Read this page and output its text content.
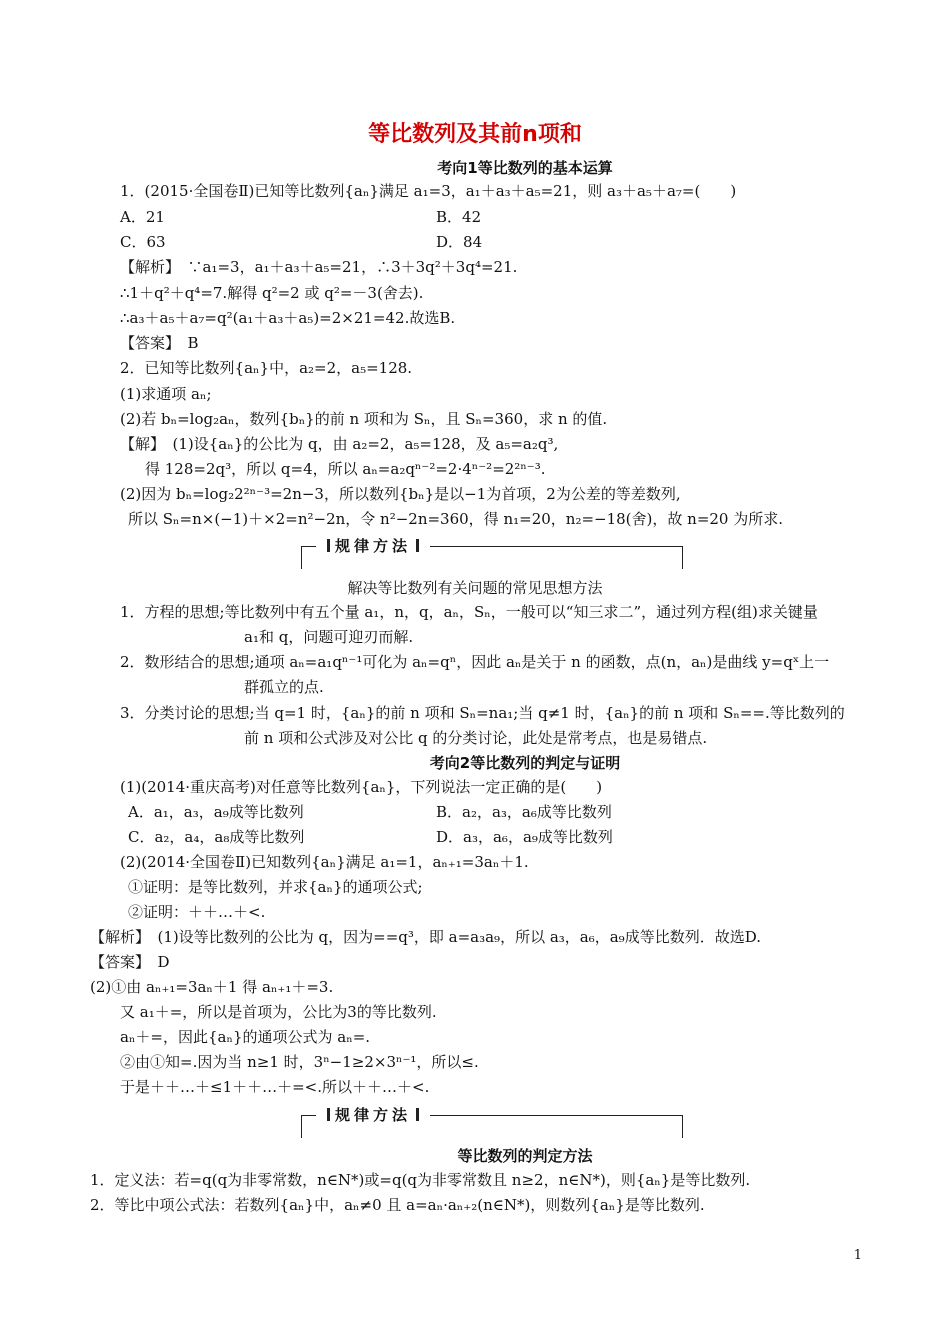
等比数列及其前n项和
考向1等比数列的基本运算
1．(2015·全国卷Ⅱ)已知等比数列{aₙ}满足 a₁=3，a₁＋a₃＋a₅=21，则 a₃＋a₅＋a₇=(　　)
A．21	B．42
C．63	D．84
【解析】　∵a₁=3，a₁＋a₃＋a₅=21，∴3＋3q²＋3q⁴=21.
∴1＋q²＋q⁴=7.解得 q²=2 或 q²=－3(舍去).
∴a₃＋a₅＋a₇=q²(a₁＋a₃＋a₅)=2×21=42.故选B.
【答案】　B
2．已知等比数列{aₙ}中，a₂=2，a₅=128.
(1)求通项 aₙ;
(2)若 bₙ=log₂aₙ，数列{bₙ}的前 n 项和为 Sₙ，且 Sₙ=360，求 n 的值.
【解】　(1)设{aₙ}的公比为 q，由 a₂=2，a₅=128，及 a₅=a₂q³,
得 128=2q³，所以 q=4，所以 aₙ=a₂qⁿ⁻²=2·4ⁿ⁻²=2²ⁿ⁻³.
(2)因为 bₙ=log₂2²ⁿ⁻³=2n−3，所以数列{bₙ}是以−1为首项，2为公差的等差数列,
所以 Sₙ=n×(−1)＋×2=n²−2n，令 n²−2n=360，得 n₁=20，n₂=−18(舍)，故 n=20 为所求.
规律方法
解决等比数列有关问题的常见思想方法
1．方程的思想;等比数列中有五个量 a₁，n，q，aₙ，Sₙ，一般可以“知三求二”，通过列方程(组)求关键量
a₁和 q，问题可迎刃而解.
2．数形结合的思想;通项 aₙ=a₁qⁿ⁻¹可化为 aₙ=qⁿ，因此 aₙ是关于 n 的函数，点(n，aₙ)是曲线 y=qˣ上一
群孤立的点.
3．分类讨论的思想;当 q=1 时，{aₙ}的前 n 项和 Sₙ=na₁;当 q≠1 时，{aₙ}的前 n 项和 Sₙ==.等比数列的
前 n 项和公式涉及对公比 q 的分类讨论，此处是常考点，也是易错点.
考向2等比数列的判定与证明
(1)(2014·重庆高考)对任意等比数列{aₙ}，下列说法一定正确的是(　　)
A．a₁，a₃，a₉成等比数列	B．a₂，a₃，a₆成等比数列
C．a₂，a₄，a₈成等比数列	D．a₃，a₆，a₉成等比数列
(2)(2014·全国卷Ⅱ)已知数列{aₙ}满足 a₁=1，aₙ₊₁=3aₙ＋1.
①证明：是等比数列，并求{aₙ}的通项公式;
②证明：＋＋…＋<.
【解析】　(1)设等比数列的公比为 q，因为==q³，即 a=a₃a₉，所以 a₃，a₆，a₉成等比数列．故选D.
【答案】　D
(2)①由 aₙ₊₁=3aₙ＋1 得 aₙ₊₁＋=3.
又 a₁＋=，所以是首项为，公比为3的等比数列.
aₙ＋=，因此{aₙ}的通项公式为 aₙ=.
②由①知=.因为当 n≥1 时，3ⁿ−1≥2×3ⁿ⁻¹，所以≤.
于是＋＋…＋≤1＋＋…＋=<.所以＋＋…＋<.
规律方法
等比数列的判定方法
1．定义法：若=q(q为非零常数，n∈N*)或=q(q为非零常数且 n≥2，n∈N*)，则{aₙ}是等比数列.
2．等比中项公式法：若数列{aₙ}中，aₙ≠0 且 a=aₙ·aₙ₊₂(n∈N*)，则数列{aₙ}是等比数列.
1
